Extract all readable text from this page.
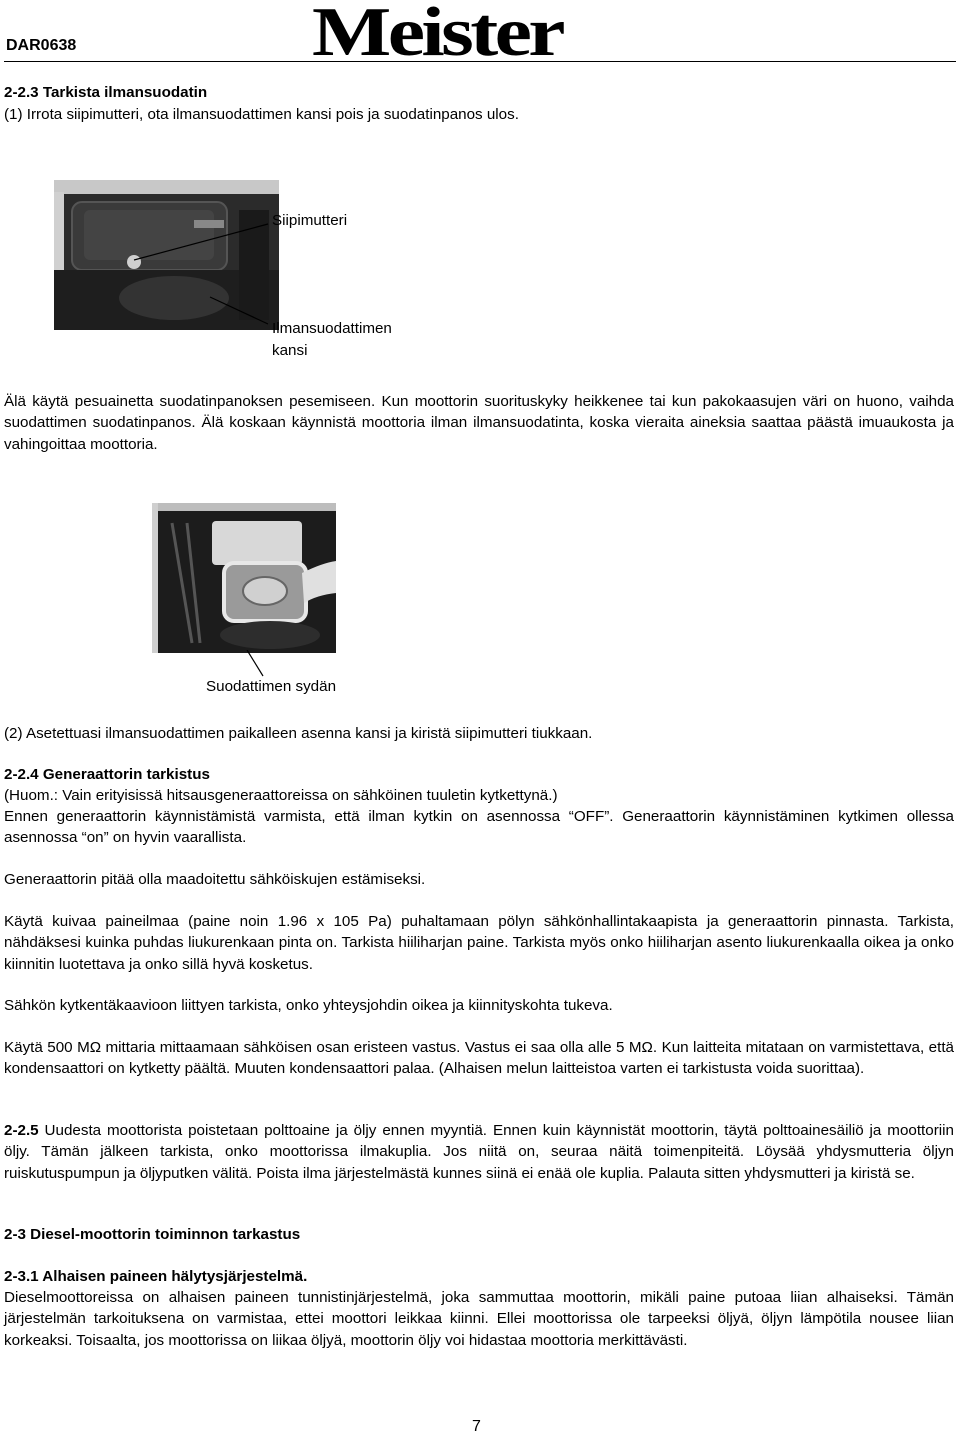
DAR0638	Meister
2-2.3 Tarkista ilmansuodatin
(1) Irrota siipimutteri, ota ilmansuodattimen kansi pois ja suodatinpanos ulos.
Siipimutteri
Ilmansuodattimen
kansi
Älä käytä pesuainetta suodatinpanoksen pesemiseen. Kun moottorin suorituskyky heikkenee tai kun pakokaasujen väri on huono, vaihda suodattimen suodatinpanos. Älä koskaan käynnistä moottoria ilman ilmansuodatinta, koska vieraita aineksia saattaa päästä imuaukosta ja vahingoittaa moottoria.
Suodattimen sydän
(2) Asetettuasi ilmansuodattimen paikalleen asenna kansi ja kiristä siipimutteri tiukkaan.
2-2.4 Generaattorin tarkistus
(Huom.: Vain erityisissä hitsausgeneraattoreissa on sähköinen tuuletin kytkettynä.)
Ennen generaattorin käynnistämistä varmista, että ilman kytkin on asennossa “OFF”. Generaattorin käynnistäminen kytkimen ollessa asennossa “on” on hyvin vaarallista.
Generaattorin pitää olla maadoitettu sähköiskujen estämiseksi.
Käytä kuivaa paineilmaa (paine noin 1.96 x 105 Pa) puhaltamaan pölyn sähkönhallintakaapista ja generaattorin pinnasta. Tarkista, nähdäksesi kuinka puhdas liukurenkaan pinta on. Tarkista hiiliharjan paine. Tarkista myös onko hiiliharjan asento liukurenkaalla oikea ja onko kiinnitin luotettava ja onko sillä hyvä kosketus.
Sähkön kytkentäkaavioon liittyen tarkista, onko yhteysjohdin oikea ja kiinnityskohta tukeva.
Käytä 500 MΩ mittaria mittaamaan sähköisen osan eristeen vastus. Vastus ei saa olla alle 5 MΩ. Kun laitteita mitataan on varmistettava, että kondensaattori on kytketty päältä. Muuten kondensaattori palaa. (Alhaisen melun laitteistoa varten ei tarkistusta voida suorittaa).
2-2.5 Uudesta moottorista poistetaan polttoaine ja öljy ennen myyntiä. Ennen kuin käynnistät moottorin, täytä polttoainesäiliö ja moottoriin öljy. Tämän jälkeen tarkista, onko moottorissa ilmakuplia. Jos niitä on, seuraa näitä toimenpiteitä. Löysää yhdysmutteria öljyn ruiskutuspumpun ja öljyputken välitä. Poista ilma järjestelmästä kunnes siinä ei enää ole kuplia. Palauta sitten yhdysmutteri ja kiristä se.
2-3 Diesel-moottorin toiminnon tarkastus
2-3.1 Alhaisen paineen hälytysjärjestelmä.
Dieselmoottoreissa on alhaisen paineen tunnistinjärjestelmä, joka sammuttaa moottorin, mikäli paine putoaa liian alhaiseksi. Tämän järjestelmän tarkoituksena on varmistaa, ettei moottori leikkaa kiinni. Ellei moottorissa ole tarpeeksi öljyä, öljyn lämpötila nousee liian korkeaksi. Toisaalta, jos moottorissa on liikaa öljyä, moottorin öljy voi hidastaa moottoria merkittävästi.
7
